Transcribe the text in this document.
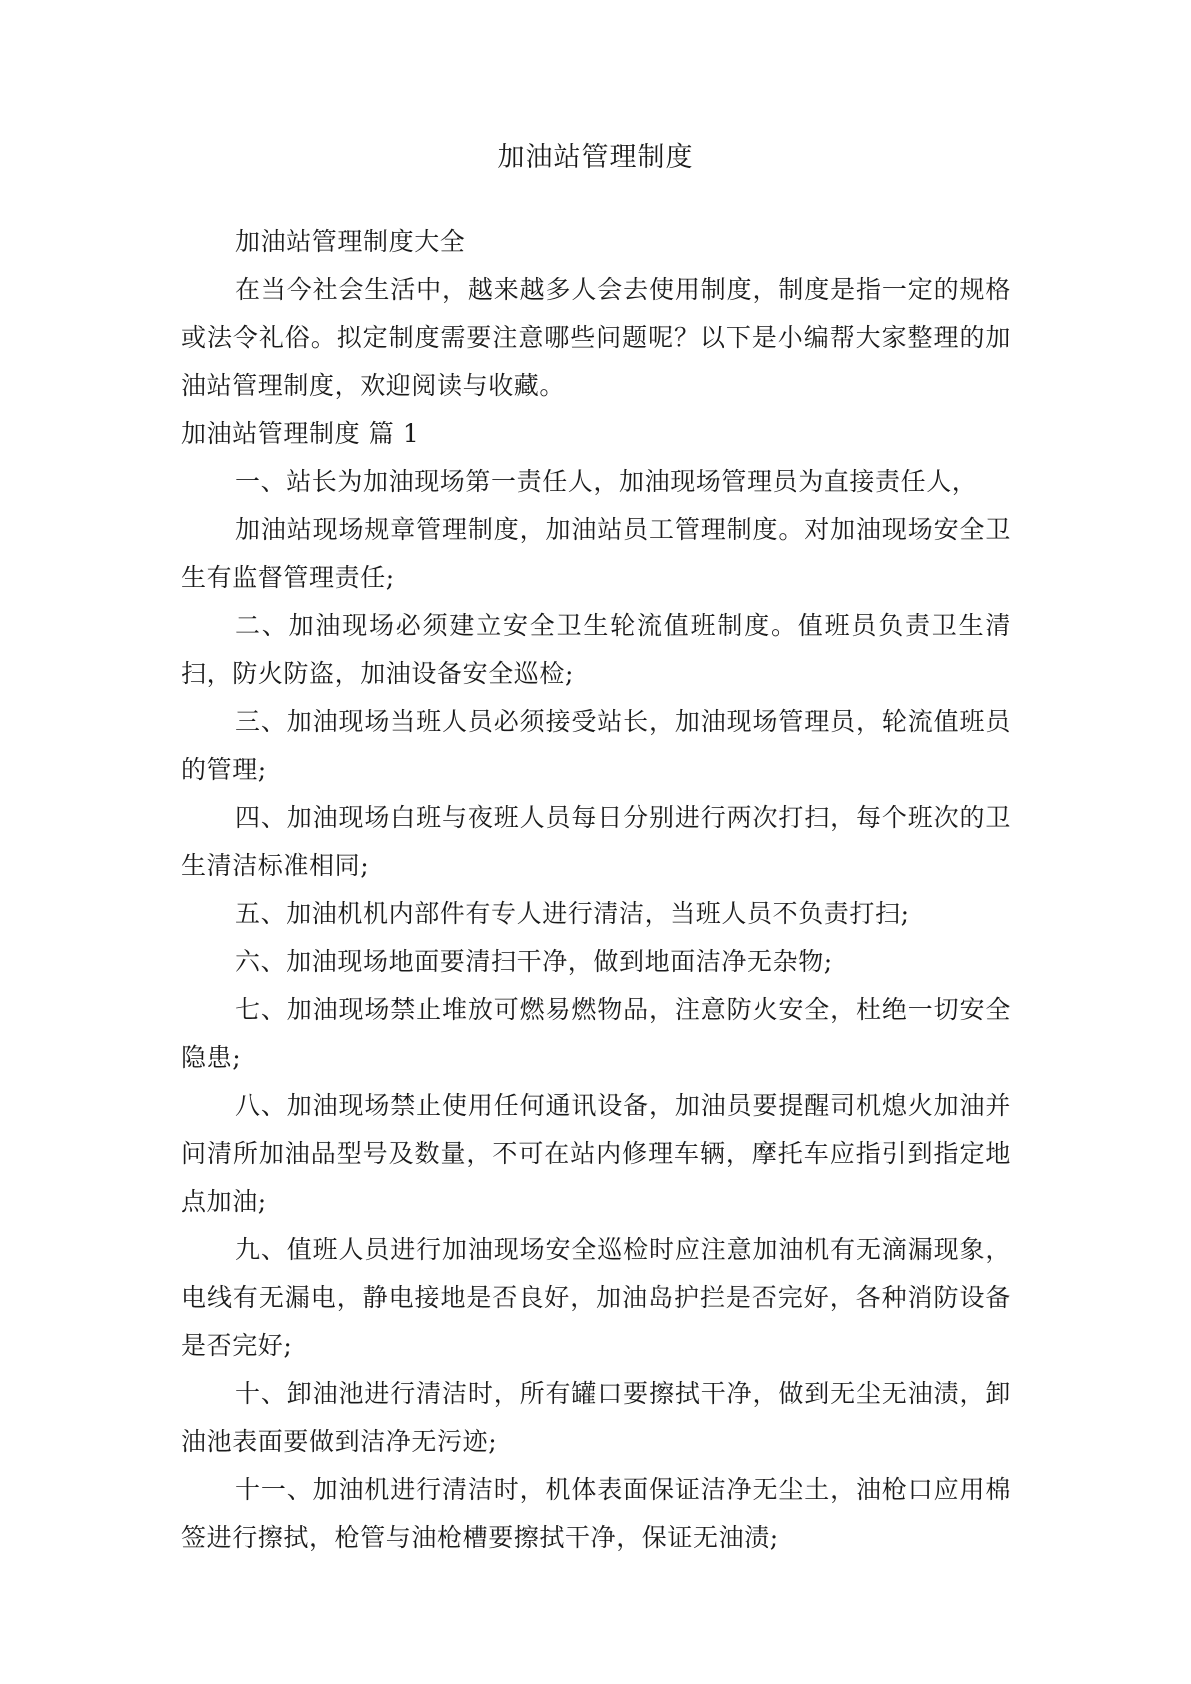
加油站管理制度

加油站管理制度大全

在当今社会生活中，越来越多人会去使用制度，制度是指一定的规格或法令礼俗。拟定制度需要注意哪些问题呢？以下是小编帮大家整理的加油站管理制度，欢迎阅读与收藏。

加油站管理制度 篇 1

一、站长为加油现场第一责任人，加油现场管理员为直接责任人，

加油站现场规章管理制度，加油站员工管理制度。对加油现场安全卫生有监督管理责任;

二、加油现场必须建立安全卫生轮流值班制度。值班员负责卫生清扫，防火防盗，加油设备安全巡检;

三、加油现场当班人员必须接受站长，加油现场管理员，轮流值班员的管理;

四、加油现场白班与夜班人员每日分别进行两次打扫，每个班次的卫生清洁标准相同;

五、加油机机内部件有专人进行清洁，当班人员不负责打扫;

六、加油现场地面要清扫干净，做到地面洁净无杂物;

七、加油现场禁止堆放可燃易燃物品，注意防火安全，杜绝一切安全隐患;

八、加油现场禁止使用任何通讯设备，加油员要提醒司机熄火加油并问清所加油品型号及数量，不可在站内修理车辆，摩托车应指引到指定地点加油;

九、值班人员进行加油现场安全巡检时应注意加油机有无滴漏现象，电线有无漏电，静电接地是否良好，加油岛护拦是否完好，各种消防设备是否完好;

十、卸油池进行清洁时，所有罐口要擦拭干净，做到无尘无油渍，卸油池表面要做到洁净无污迹;

十一、加油机进行清洁时，机体表面保证洁净无尘土，油枪口应用棉签进行擦拭，枪管与油枪槽要擦拭干净，保证无油渍;
